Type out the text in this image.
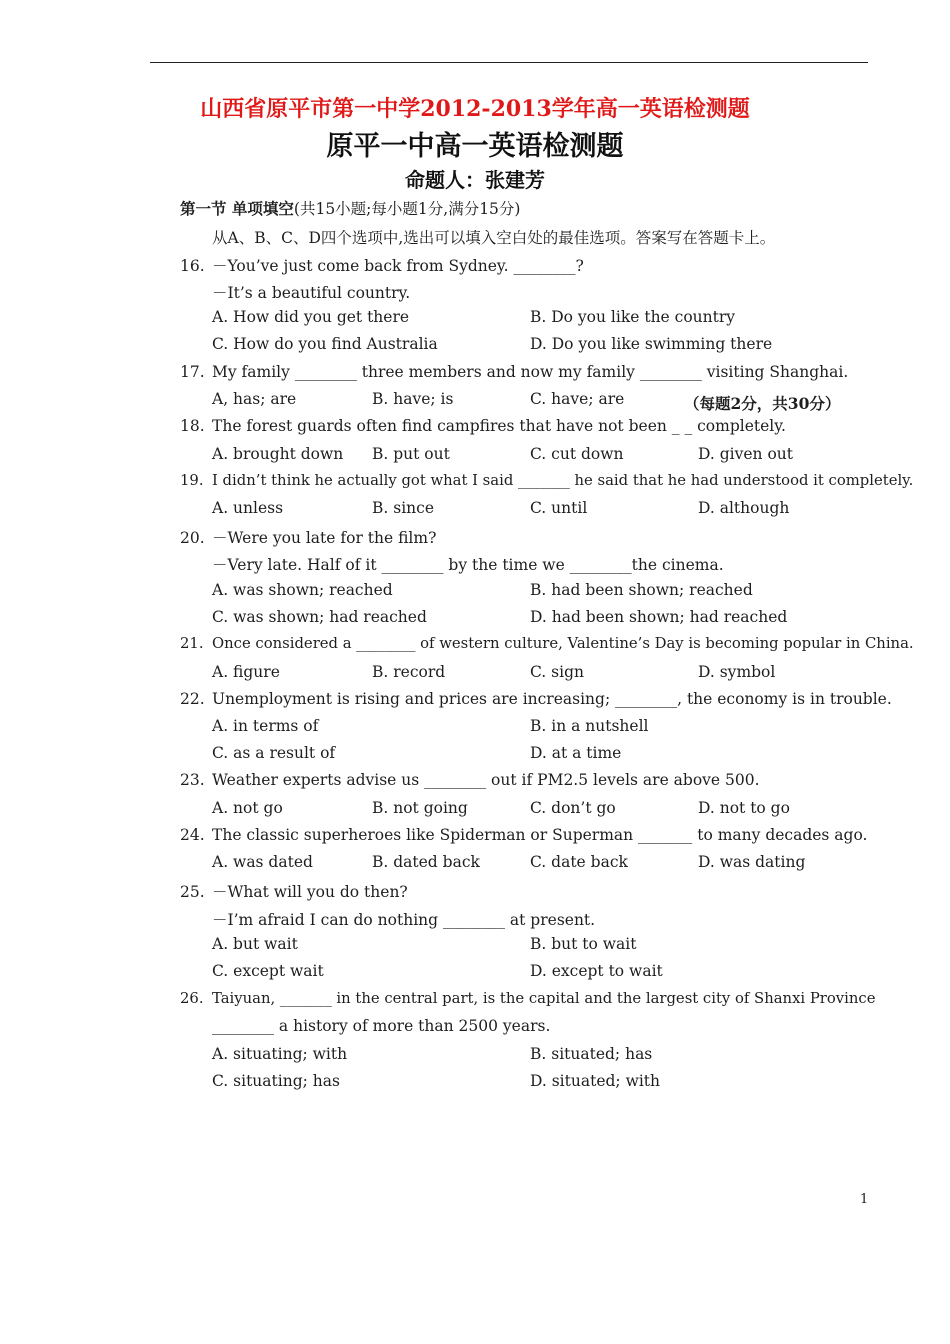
山西省原平市第一中学2012-2013学年高一英语检测题
原平一中高一英语检测题
命题人：张建芳
第一节 单项填空(共15小题;每小题1分,满分15分)
从A、B、C、D四个选项中,选出可以填入空白处的最佳选项。答案写在答题卡上。
（每题2分，共30分）
16. －You’ve just come back from Sydney. ________?
－It’s a beautiful country.
A. How did you get there	B. Do you like the country
C. How do you find Australia	D. Do you like swimming there
17. My family ________ three members and now my family ________ visiting Shanghai.
A, has; are	B. have; is	C. have; are
18. The forest guards often find campfires that have not been _ _ completely.
A. brought down B. put out	C. cut down	D. given out
19. I didn’t think he actually got what I said _______ he said that he had understood it completely.
A. unless	B. since	C. until	D. although
20. －Were you late for the film?
－Very late. Half of it ________ by the time we ________the cinema.
A. was shown; reached	B. had been shown; reached
C. was shown; had reached	D. had been shown; had reached
21. Once considered a ________ of western culture, Valentine’s Day is becoming popular in China.
A. figure	B. record	C. sign	D. symbol
22. Unemployment is rising and prices are increasing; ________, the economy is in trouble.
A. in terms of	B. in a nutshell
C. as a result of	D. at a time
23. Weather experts advise us ________ out if PM2.5 levels are above 500.
A. not go	B. not going	C. don’t go	D. not to go
24. The classic superheroes like Spiderman or Superman _______ to many decades ago.
A. was dated	B. dated back	C. date back	D. was dating
25. －What will you do then?
－I’m afraid I can do nothing ________ at present.
A. but wait	B. but to wait
C. except wait	D. except to wait
26. Taiyuan, _______ in the central part, is the capital and the largest city of Shanxi Province
________ a history of more than 2500 years.
A. situating; with	B. situated; has
C. situating; has	D. situated; with
1
